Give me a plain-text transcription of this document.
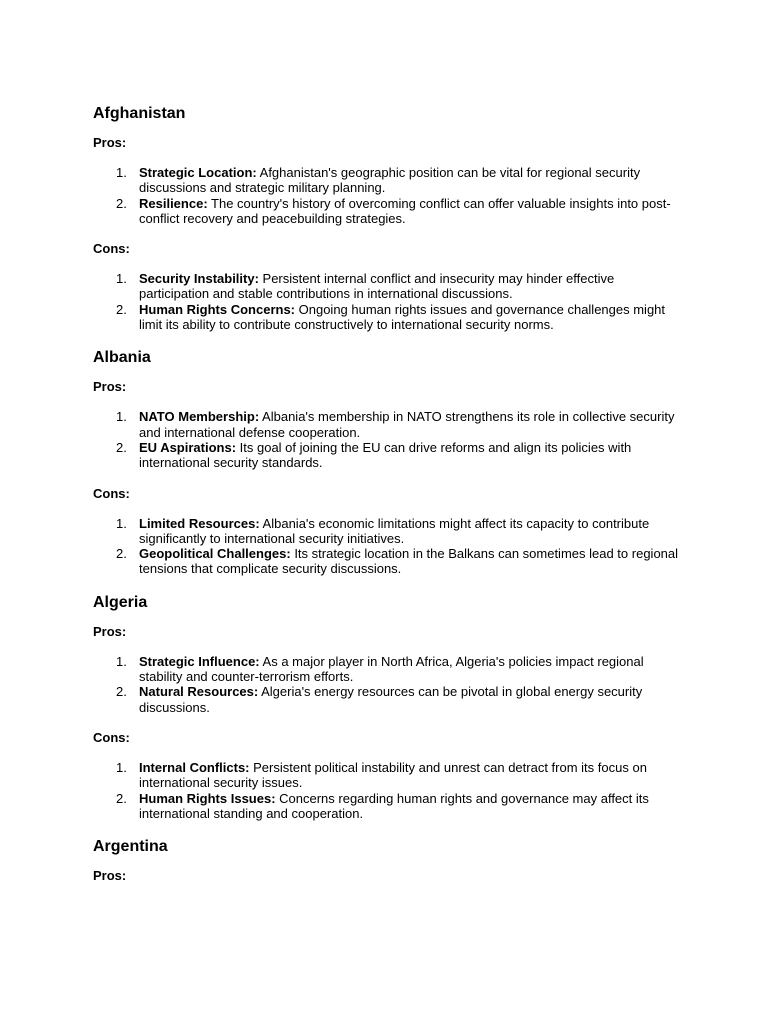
Afghanistan
Pros:
1. Strategic Location: Afghanistan's geographic position can be vital for regional security discussions and strategic military planning.
2. Resilience: The country's history of overcoming conflict can offer valuable insights into post-conflict recovery and peacebuilding strategies.
Cons:
1. Security Instability: Persistent internal conflict and insecurity may hinder effective participation and stable contributions in international discussions.
2. Human Rights Concerns: Ongoing human rights issues and governance challenges might limit its ability to contribute constructively to international security norms.
Albania
Pros:
1. NATO Membership: Albania's membership in NATO strengthens its role in collective security and international defense cooperation.
2. EU Aspirations: Its goal of joining the EU can drive reforms and align its policies with international security standards.
Cons:
1. Limited Resources: Albania's economic limitations might affect its capacity to contribute significantly to international security initiatives.
2. Geopolitical Challenges: Its strategic location in the Balkans can sometimes lead to regional tensions that complicate security discussions.
Algeria
Pros:
1. Strategic Influence: As a major player in North Africa, Algeria's policies impact regional stability and counter-terrorism efforts.
2. Natural Resources: Algeria's energy resources can be pivotal in global energy security discussions.
Cons:
1. Internal Conflicts: Persistent political instability and unrest can detract from its focus on international security issues.
2. Human Rights Issues: Concerns regarding human rights and governance may affect its international standing and cooperation.
Argentina
Pros:
